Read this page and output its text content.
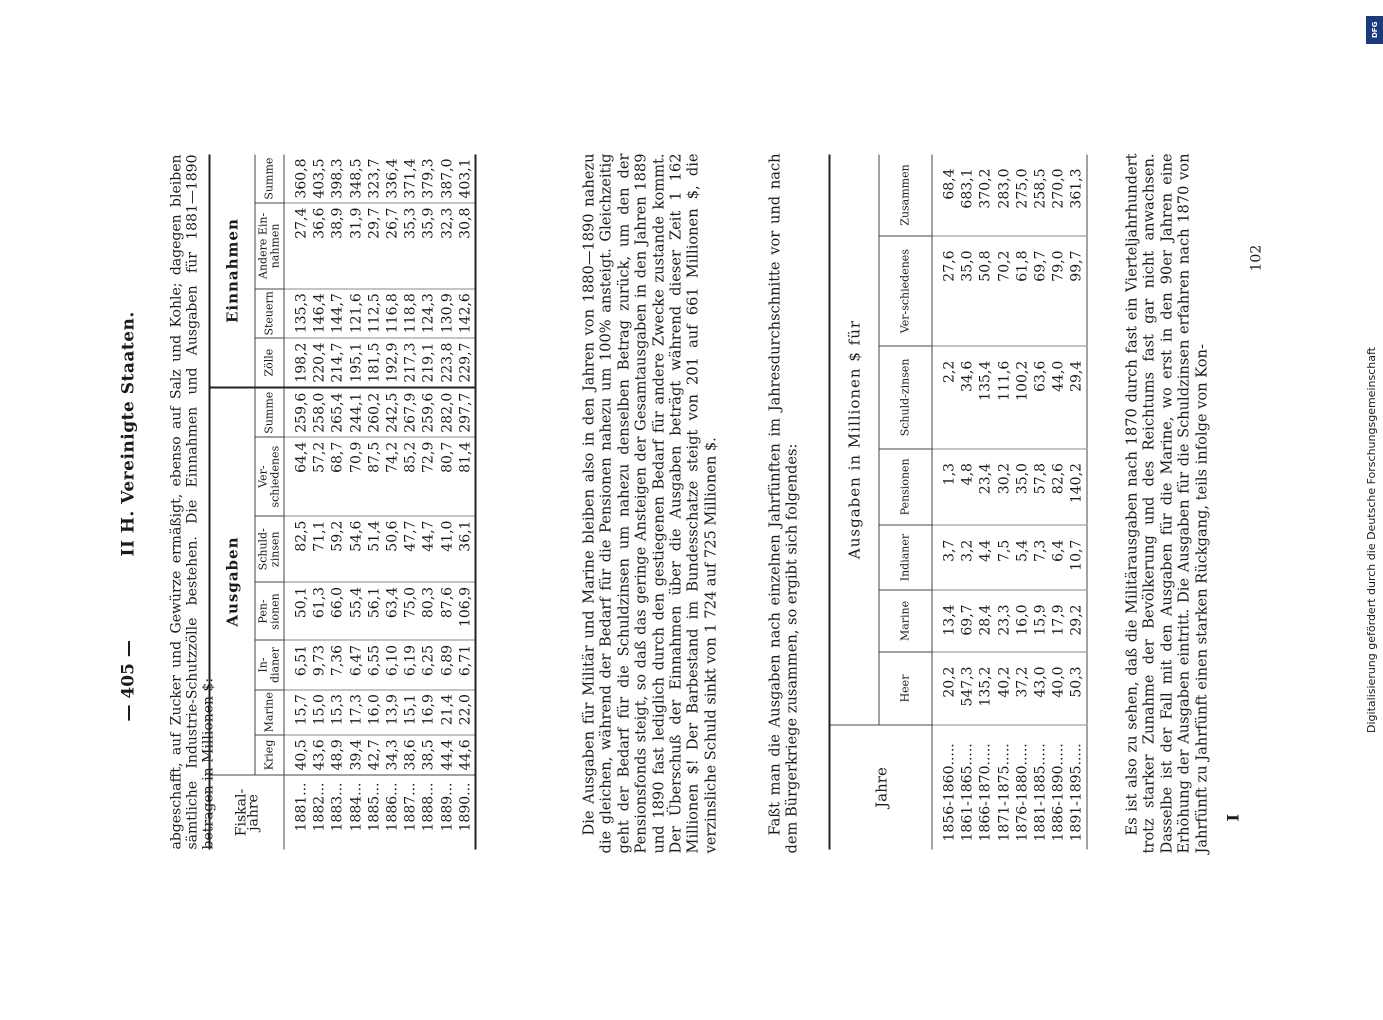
— 405 —
II H. Vereinigte Staaten. abgeschafft, auf Zucker und Gewürze ermäßigt, ebenso auf Salz und Kohle; dagegen bleiben sämtliche Industrie-Schutzzölle bestehen. Die Einnahmen und Ausgaben für 1881—1890 betragen in Millionen $:	Die Ausgaben für Militär und Marine bleiben also in den Jahren von 1880—1890 nahezu die gleichen, während der Bedarf für die Pensionen nahezu um 100% ansteigt. Gleichzeitig geht der Bedarf für die Schuldzinsen um nahezu denselben Betrag zurück, um den der Pensionsfonds steigt, so daß das geringe Ansteigen der Gesamtausgaben in den Jahren 1889 und 1890 fast lediglich durch den gestiegenen Bedarf für andere Zwecke zustande kommt. Der Überschuß der Einnahmen über die Ausgaben beträgt während dieser Zeit 1 162 Millionen $! Der Barbestand im Bundesschatze steigt von 201 auf 661 Millionen $, die verzinsliche Schuld sinkt von 1 724 auf 725 Millionen $.	Faßt man die Ausgaben nach einzelnen Jahrfünften im Jahresdurchschnitte vor und nach dem Bürgerkriege zusammen, so ergibt sich folgendes:	Es ist also zu sehen, daß die Militärausgaben nach 1870 durch fast ein Vierteljahrhundert trotz starker Zunahme der Bevölkerung und des Reichtums fast gar nicht anwachsen. Dasselbe ist der Fall mit den Ausgaben für die Marine, wo erst in den 90er Jahren eine Erhöhung der Ausgaben eintritt. Die Ausgaben für die Schuldzinsen erfahren nach 1870 von Jahrfünft zu Jahrfünft einen starken Rückgang, teils infolge von Kon- I
102
Fiskal-jahre	Ausgaben							Einnahmen			
	Krieg	Marine	In-dianer	Pen-sionen	Schuld-zinsen	Ver-schiedenes	Summe	Zölle	Steuern	Andere Ein-nahmen	Summe
1881...	40,5	15,7	6,51	50,1	82,5	64,4	259,6	198,2	135,3	27,4	360,8
1882...	43,6	15,0	9,73	61,3	71,1	57,2	258,0	220,4	146,4	36,6	403,5
1883...	48,9	15,3	7,36	66,0	59,2	68,7	265,4	214,7	144,7	38,9	398,3
1884...	39,4	17,3	6,47	55,4	54,6	70,9	244,1	195,1	121,6	31,9	348,5
1885...	42,7	16,0	6,55	56,1	51,4	87,5	260,2	181,5	112,5	29,7	323,7
1886...	34,3	13,9	6,10	63,4	50,6	74,2	242,5	192,9	116,8	26,7	336,4
1887...	38,6	15,1	6,19	75,0	47,7	85,2	267,9	217,3	118,8	35,3	371,4
1888...	38,5	16,9	6,25	80,3	44,7	72,9	259,6	219,1	124,3	35,9	379,3
1889...	44,4	21,4	6,89	87,6	41,0	80,7	282,0	223,8	130,9	32,3	387,0
1890...	44,6	22,0	6,71	106,9	36,1	81,4	297,7	229,7	142,6	30,8	403,1
Jahre	Ausgaben in Millionen $ für						
	Heer	Marine	Indianer	Pensionen	Schuld-zinsen	Ver-schiedenes	Zusammen
1856-1860.....	20,2	13,4	3,7	1,3	2,2	27,6	68,4
1861-1865.....	547,3	69,7	3,2	4,8	34,6	35,0	683,1
1866-1870.....	135,2	28,4	4,4	23,4	135,4	50,8	370,2
1871-1875.....	40,2	23,3	7,5	30,2	111,6	70,2	283,0
1876-1880.....	37,2	16,0	5,4	35,0	100,2	61,8	275,0
1881-1885.....	43,0	15,9	7,3	57,8	63,6	69,7	258,5
1886-1890.....	40,0	17,9	6,4	82,6	44,0	79,0	270,0
1891-1895.....	50,3	29,2	10,7	140,2	29,4	99,7	361,3
DFG
Digitalisierung gefördert durch die Deutsche Forschungsgemeinschaft
